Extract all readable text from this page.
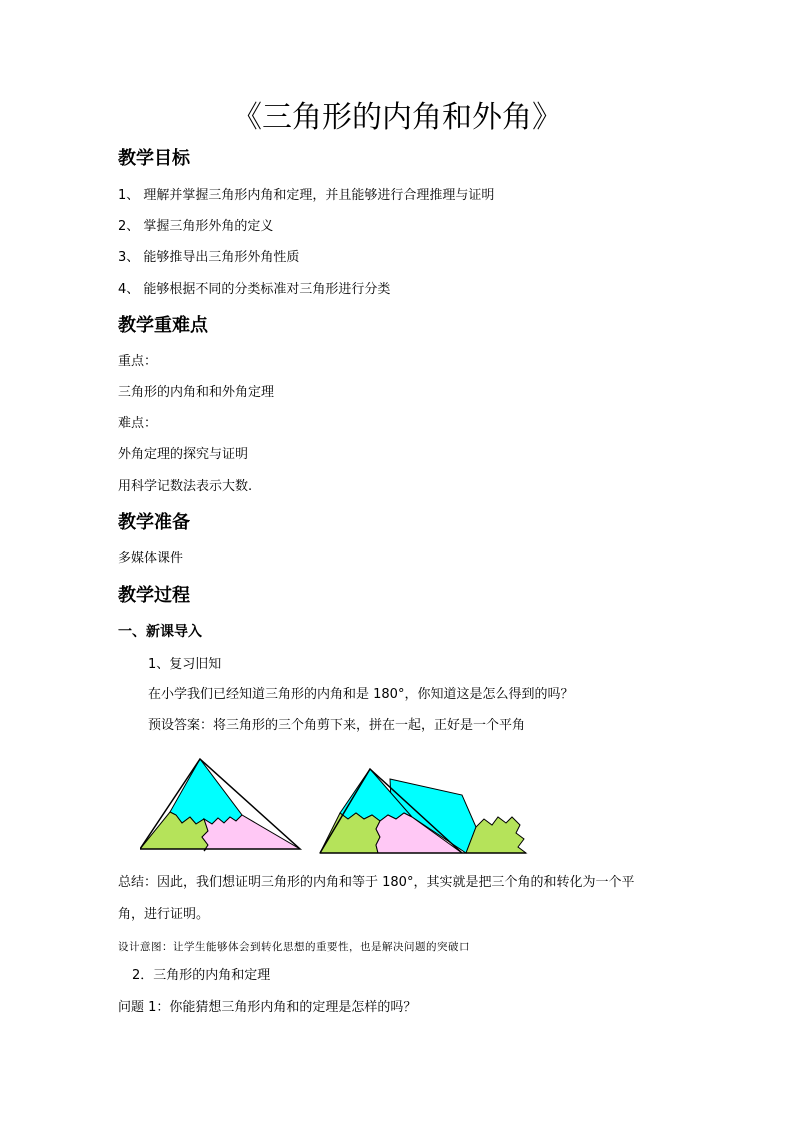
《三角形的内角和外角》
教学目标
1、 理解并掌握三角形内角和定理，并且能够进行合理推理与证明
2、 掌握三角形外角的定义
3、 能够推导出三角形外角性质
4、 能够根据不同的分类标准对三角形进行分类
教学重难点
重点：
三角形的内角和和外角定理
难点：
外角定理的探究与证明
用科学记数法表示大数.
教学准备
多媒体课件
教学过程
一、新课导入
1、复习旧知
在小学我们已经知道三角形的内角和是 180°，你知道这是怎么得到的吗？
预设答案：将三角形的三个角剪下来，拼在一起，正好是一个平角
总结：因此，我们想证明三角形的内角和等于 180°，其实就是把三个角的和转化为一个平
角，进行证明。
设计意图：让学生能够体会到转化思想的重要性，也是解决问题的突破口
2．三角形的内角和定理
问题 1：你能猜想三角形内角和的定理是怎样的吗？
